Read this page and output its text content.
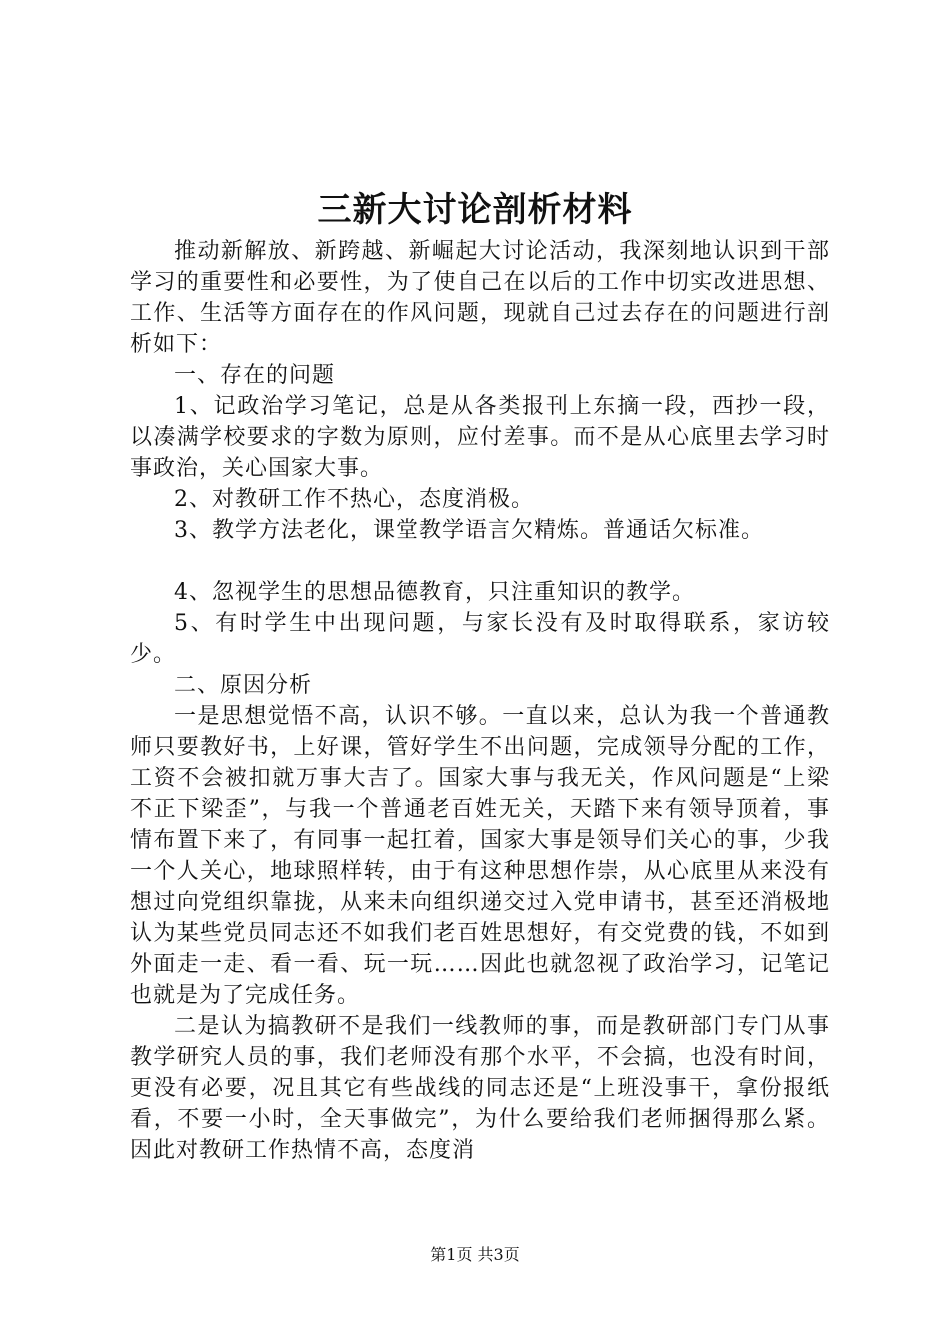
三新大讨论剖析材料

推动新解放、新跨越、新崛起大讨论活动，我深刻地认识到干部学习的重要性和必要性，为了使自己在以后的工作中切实改进思想、工作、生活等方面存在的作风问题，现就自己过去存在的问题进行剖析如下：

一、存在的问题

1、记政治学习笔记，总是从各类报刊上东摘一段，西抄一段，以凑满学校要求的字数为原则，应付差事。而不是从心底里去学习时事政治，关心国家大事。

2、对教研工作不热心，态度消极。

3、教学方法老化，课堂教学语言欠精炼。普通话欠标准。

4、忽视学生的思想品德教育，只注重知识的教学。

5、有时学生中出现问题，与家长没有及时取得联系，家访较少。

二、原因分析

一是思想觉悟不高，认识不够。一直以来，总认为我一个普通教师只要教好书，上好课，管好学生不出问题，完成领导分配的工作，工资不会被扣就万事大吉了。国家大事与我无关，作风问题是“上梁不正下梁歪”，与我一个普通老百姓无关，天踏下来有领导顶着，事情布置下来了，有同事一起扛着，国家大事是领导们关心的事，少我一个人关心，地球照样转，由于有这种思想作崇，从心底里从来没有想过向党组织靠拢，从来未向组织递交过入党申请书，甚至还消极地认为某些党员同志还不如我们老百姓思想好，有交党费的钱，不如到外面走一走、看一看、玩一玩……因此也就忽视了政治学习，记笔记也就是为了完成任务。

二是认为搞教研不是我们一线教师的事，而是教研部门专门从事教学研究人员的事，我们老师没有那个水平，不会搞，也没有时间，更没有必要，况且其它有些战线的同志还是“上班没事干，拿份报纸看，不要一小时，全天事做完”，为什么要给我们老师捆得那么紧。因此对教研工作热情不高，态度消

第1页 共3页
